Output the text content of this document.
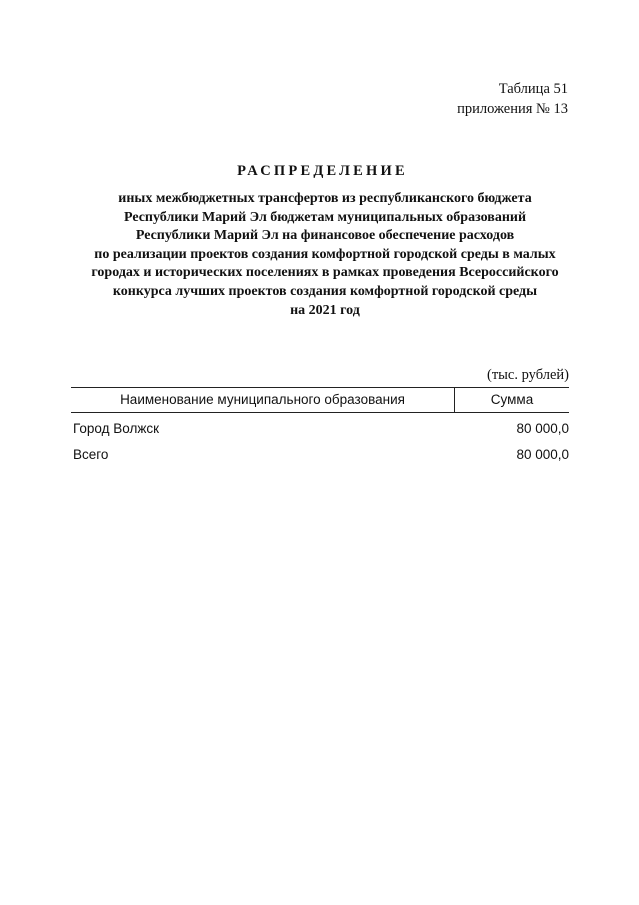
Таблица 51
приложения № 13
РАСПРЕДЕЛЕНИЕ
иных межбюджетных трансфертов из республиканского бюджета
Республики Марий Эл бюджетам муниципальных образований
Республики Марий Эл на финансовое обеспечение расходов
по реализации проектов создания комфортной городской среды в малых
городах и исторических поселениях в рамках проведения Всероссийского
конкурса лучших проектов создания комфортной городской среды
на 2021 год
(тыс. рублей)
Наименование муниципального образования	Сумма
Город Волжск	80 000,0
Всего	80 000,0
